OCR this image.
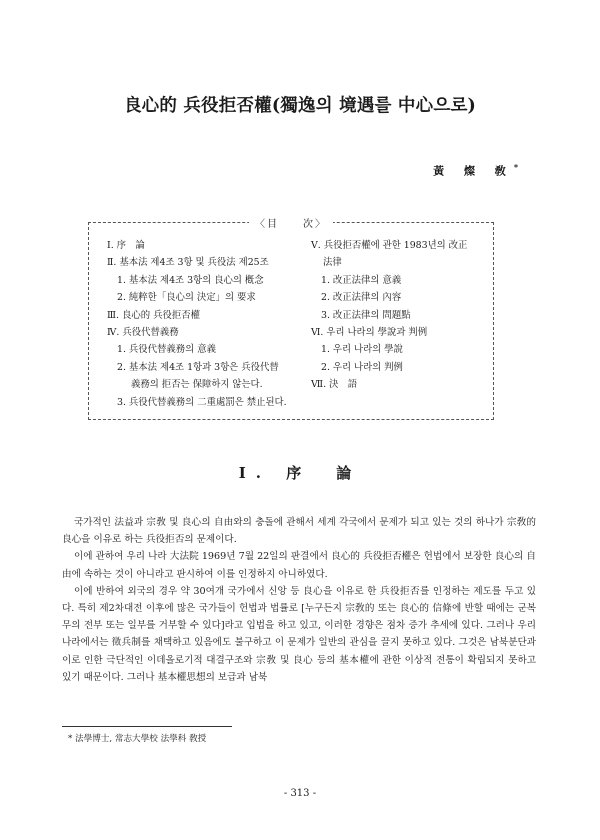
良心的 兵役拒否權(獨逸의 境遇를 中心으로)
黃 燦 敎*
〈目　　次〉
Ⅰ. 序　論
Ⅱ. 基本法 제4조 3항 및 兵役法 제25조
1. 基本法 제4조 3항의 良心의 槪念
2. 純粹한「良心의 決定」의 要求
Ⅲ. 良心的 兵役拒否權
Ⅳ. 兵役代替義務
1. 兵役代替義務의 意義
2. 基本法 제4조 1항과 3항은 兵役代替
義務의 拒否는 保障하지 않는다.
3. 兵役代替義務의 二重處罰은 禁止된다.
Ⅴ. 兵役拒否權에 관한 1983년의 改正
法律
1. 改正法律의 意義
2. 改正法律의 內容
3. 改正法律의 問題點
Ⅵ. 우리 나라의 學說과 判例
1. 우리 나라의 學說
2. 우리 나라의 判例
Ⅶ. 決　語
Ⅰ. 序　論

국가적인 法益과 宗敎 및 良心의 自由와의 충돌에 관해서 세계 각국에서 문제가 되고 있는 것의 하나가 宗敎的 良心을 이유로 하는 兵役拒否의 문제이다.

이에 관하여 우리 나라 大法院 1969년 7월 22일의 판결에서 良心的 兵役拒否權은 헌법에서 보장한 良心의 自由에 속하는 것이 아니라고 판시하여 이를 인정하지 아니하였다.

이에 반하여 외국의 경우 약 30여개 국가에서 신앙 등 良心을 이유로 한 兵役拒否를 인정하는 제도를 두고 있다. 특히 제2차대전 이후에 많은 국가들이 헌법과 법률로 [누구든지 宗敎的 또는 良心的 信條에 반할 때에는 군복무의 전부 또는 일부를 거부할 수 있다]라고 입법을 하고 있고, 이러한 경향은 점차 증가 추세에 있다. 그러나 우리 나라에서는 徵兵制를 채택하고 있음에도 불구하고 이 문제가 일반의 관심을 끌지 못하고 있다. 그것은 남북분단과 이로 인한 극단적인 이데올로기적 대결구조와 宗敎 및 良心 등의 基本權에 관한 이상적 전통이 확립되지 못하고 있기 때문이다. 그러나 基本權思想의 보급과 남북

* 法學博士, 常志大學校 法學科 敎授
- 313 -
